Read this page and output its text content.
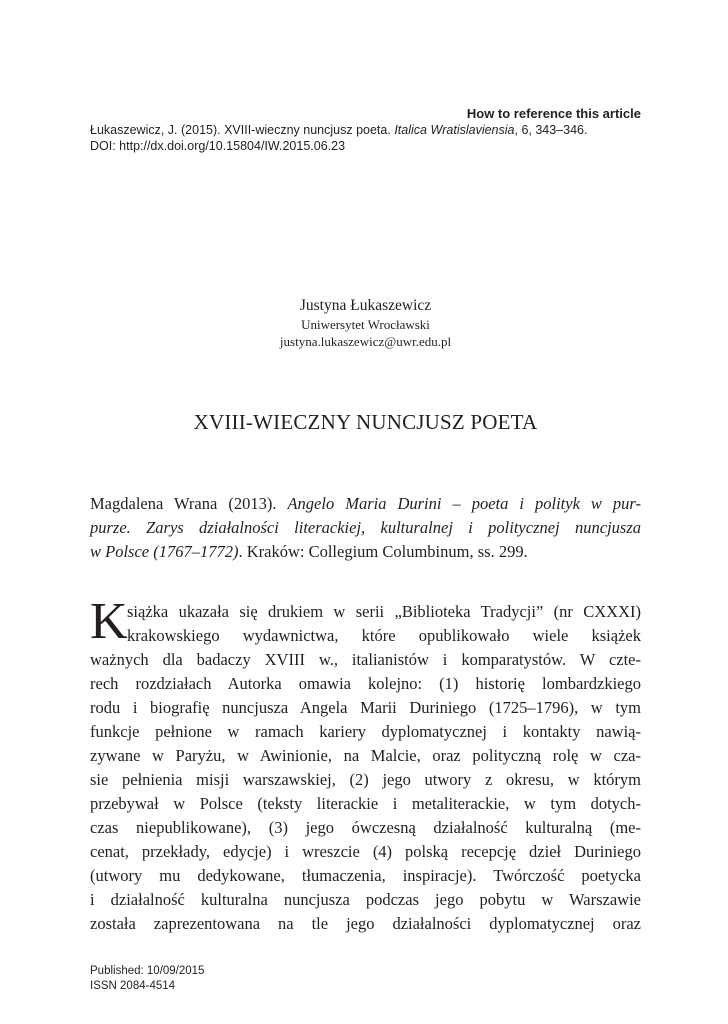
How to reference this article
Łukaszewicz, J. (2015). XVIII-wieczny nuncjusz poeta. Italica Wratislaviensia, 6, 343–346.
DOI: http://dx.doi.org/10.15804/IW.2015.06.23
Justyna Łukaszewicz
Uniwersytet Wrocławski
justyna.lukaszewicz@uwr.edu.pl
XVIII-WIECZNY NUNCJUSZ POETA
Magdalena Wrana (2013). Angelo Maria Durini – poeta i polityk w pur-
purze. Zarys działalności literackiej, kulturalnej i politycznej nuncjusza
w Polsce (1767–1772). Kraków: Collegium Columbinum, ss. 299.
K siążka ukazała się drukiem w serii „Biblioteka Tradycji” (nr CXXXI)
krakowskiego wydawnictwa, które opublikowało wiele książek
ważnych dla badaczy XVIII w., italianistów i komparatystów. W czte-
rech rozdziałach Autorka omawia kolejno: (1) historię lombardzkiego
rodu i biografię nuncjusza Angela Marii Duriniego (1725–1796), w tym
funkcje pełnione w ramach kariery dyplomatycznej i kontakty nawią-
zywane w Paryżu, w Awinionie, na Malcie, oraz polityczną rolę w cza-
sie pełnienia misji warszawskiej, (2) jego utwory z okresu, w którym
przebywał w Polsce (teksty literackie i metaliterackie, w tym dotych-
czas niepublikowane), (3) jego ówczesną działalność kulturalną (me-
cenat, przekłady, edycje) i wreszcie (4) polską recepcję dzieł Duriniego
(utwory mu dedykowane, tłumaczenia, inspiracje). Twórczość poetycka
i działalność kulturalna nuncjusza podczas jego pobytu w Warszawie
została zaprezentowana na tle jego działalności dyplomatycznej oraz
Published: 10/09/2015
ISSN 2084-4514
